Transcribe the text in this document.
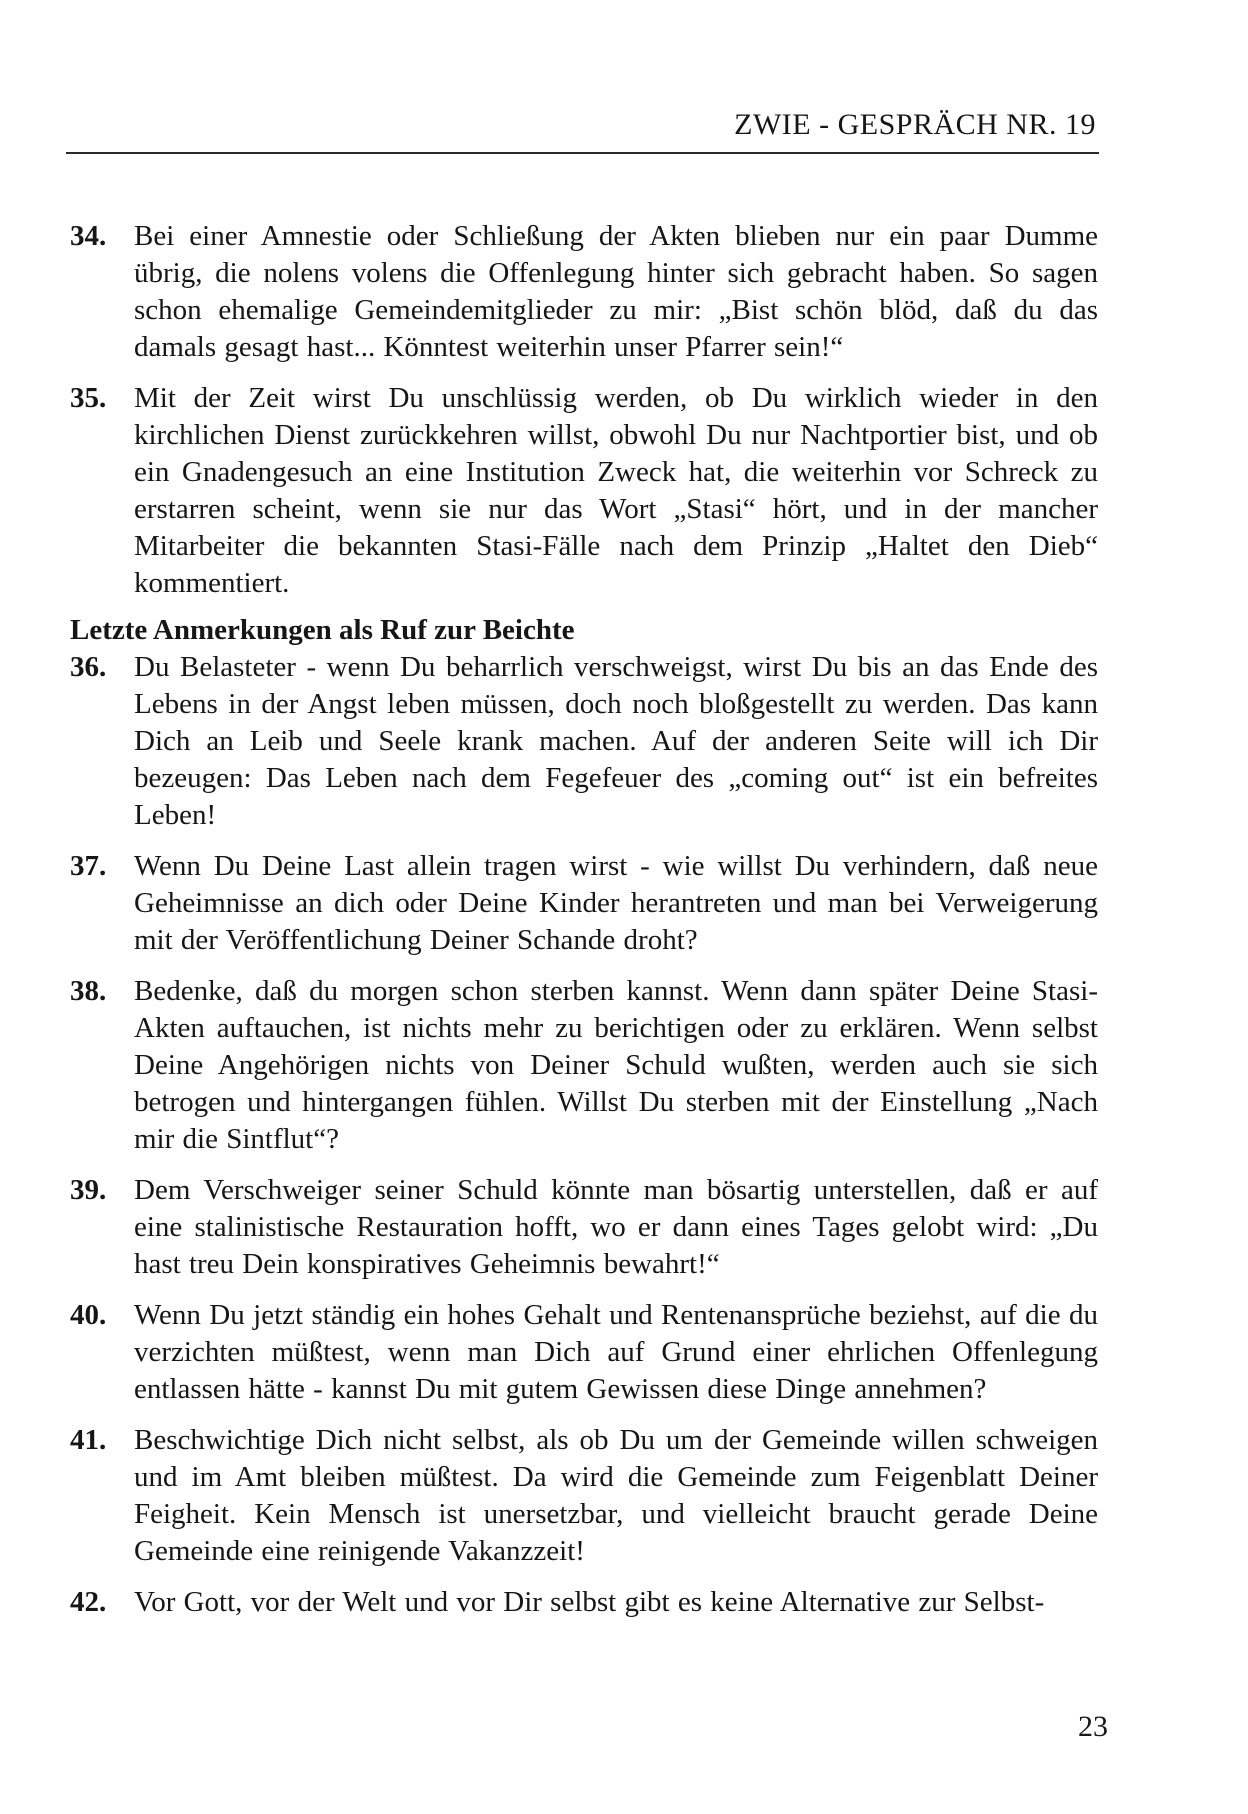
ZWIE - GESPRÄCH NR. 19
34. Bei einer Amnestie oder Schließung der Akten blieben nur ein paar Dumme übrig, die nolens volens die Offenlegung hinter sich gebracht haben. So sagen schon ehemalige Gemeindemitglieder zu mir: „Bist schön blöd, daß du das damals gesagt hast... Könntest weiterhin unser Pfarrer sein!“
35. Mit der Zeit wirst Du unschlüssig werden, ob Du wirklich wieder in den kirchlichen Dienst zurückkehren willst, obwohl Du nur Nachtportier bist, und ob ein Gnadengesuch an eine Institution Zweck hat, die weiterhin vor Schreck zu erstarren scheint, wenn sie nur das Wort „Stasi“ hört, und in der mancher Mitarbeiter die bekannten Stasi-Fälle nach dem Prinzip „Haltet den Dieb“ kommentiert.
Letzte Anmerkungen als Ruf zur Beichte
36. Du Belasteter - wenn Du beharrlich verschweigst, wirst Du bis an das Ende des Lebens in der Angst leben müssen, doch noch bloßgestellt zu werden. Das kann Dich an Leib und Seele krank machen. Auf der anderen Seite will ich Dir bezeugen: Das Leben nach dem Fegefeuer des „coming out“ ist ein befreites Leben!
37. Wenn Du Deine Last allein tragen wirst - wie willst Du verhindern, daß neue Geheimnisse an dich oder Deine Kinder herantreten und man bei Verweigerung mit der Veröffentlichung Deiner Schande droht?
38. Bedenke, daß du morgen schon sterben kannst. Wenn dann später Deine Stasi-Akten auftauchen, ist nichts mehr zu berichtigen oder zu erklären. Wenn selbst Deine Angehörigen nichts von Deiner Schuld wußten, werden auch sie sich betrogen und hintergangen fühlen. Willst Du sterben mit der Einstellung „Nach mir die Sintflut“?
39. Dem Verschweiger seiner Schuld könnte man bösartig unterstellen, daß er auf eine stalinistische Restauration hofft, wo er dann eines Tages gelobt wird: „Du hast treu Dein konspiratives Geheimnis bewahrt!“
40. Wenn Du jetzt ständig ein hohes Gehalt und Rentenansprüche beziehst, auf die du verzichten müßtest, wenn man Dich auf Grund einer ehrlichen Offenlegung entlassen hätte - kannst Du mit gutem Gewissen diese Dinge annehmen?
41. Beschwichtige Dich nicht selbst, als ob Du um der Gemeinde willen schweigen und im Amt bleiben müßtest. Da wird die Gemeinde zum Feigenblatt Deiner Feigheit. Kein Mensch ist unersetzbar, und vielleicht braucht gerade Deine Gemeinde eine reinigende Vakanzzeit!
42. Vor Gott, vor der Welt und vor Dir selbst gibt es keine Alternative zur Selbst-
23
